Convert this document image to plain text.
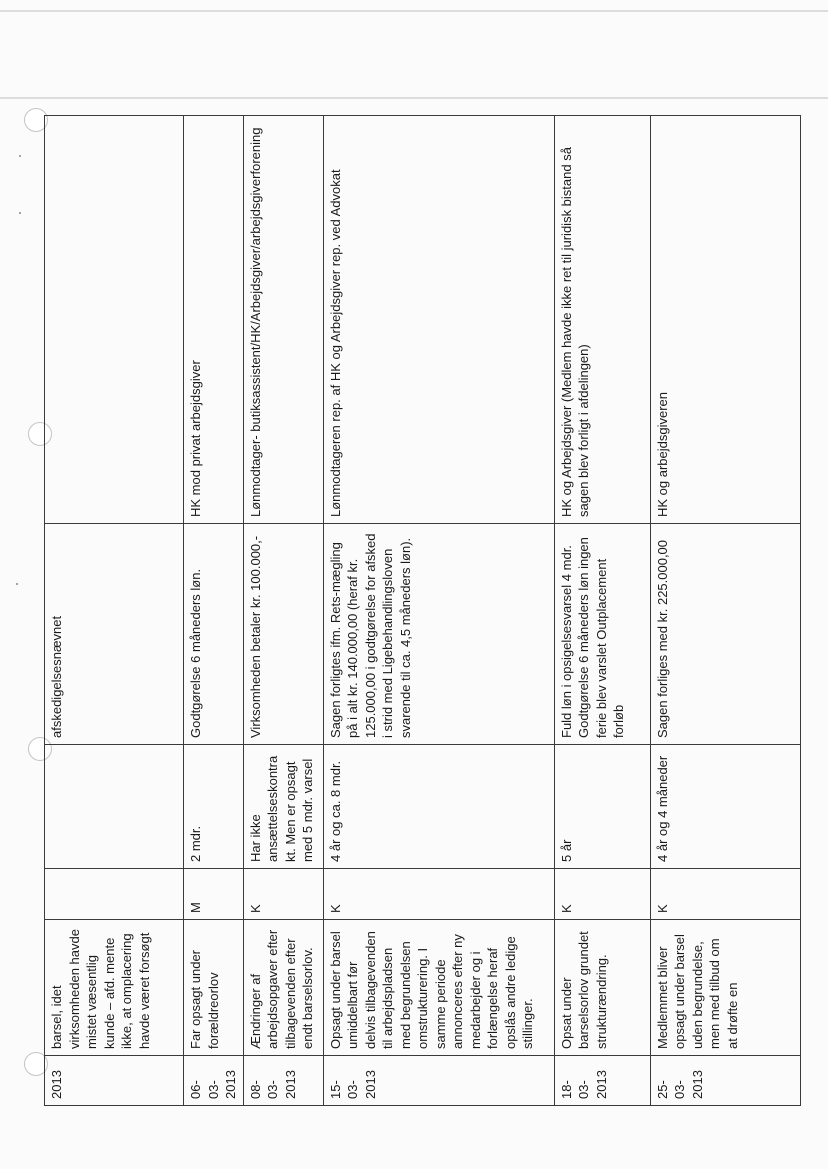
2013	barsel, idet virksomheden havde mistet væsentlig kunde – afd. mente ikke, at omplacering havde været forsøgt			afskedigelsesnævnet	
06-03-2013	Far opsagt under forældreorlov	M	2 mdr.	Godtgørelse 6 måneders løn.	HK mod privat arbejdsgiver
08-03-2013	Ændringer af arbejdsopgaver efter tilbagevenden efter endt barselsorlov.	K	Har ikke ansættelseskontrakt. Men er opsagt med 5 mdr. varsel	Virksomheden betaler kr. 100.000,-	Lønmodtager- butiksassistent/HK/Arbejdsgiver/arbejdsgiverforening
15-03-2013	Opsagt under barsel umiddelbart før delvis tilbagevenden til arbejdspladsen med begrundelsen omstrukturering. I samme periode annonceres efter ny medarbejder og i forlængelse heraf opslås andre ledige stillinger.	K	4 år og ca. 8 mdr.	Sagen forligtes ifm. Rets-mægling på i alt kr. 140.000,00 (heraf kr. 125.000,00 i godtgørelse for afsked i strid med Ligebehandlingsloven svarende til ca. 4,5 måneders løn).	Lønmodtageren rep. af HK og Arbejdsgiver rep. ved Advokat
18-03-2013	Opsat under barselsorlov grundet strukturændring.	K	5 år	Fuld løn i opsigelsesvarsel 4 mdr. Godtgørelse 6 måneders løn ingen ferie blev varslet Outplacement forløb	HK og Arbejdsgiver (Medlem havde ikke ret til juridisk bistand så sagen blev forligt i afdelingen)
25-03-2013	Medlemmet bliver opsagt under barsel uden begrundelse, men med tilbud om at drøfte en	K	4 år og 4 måneder	Sagen forliges med kr. 225.000,00	HK og arbejdsgiveren
